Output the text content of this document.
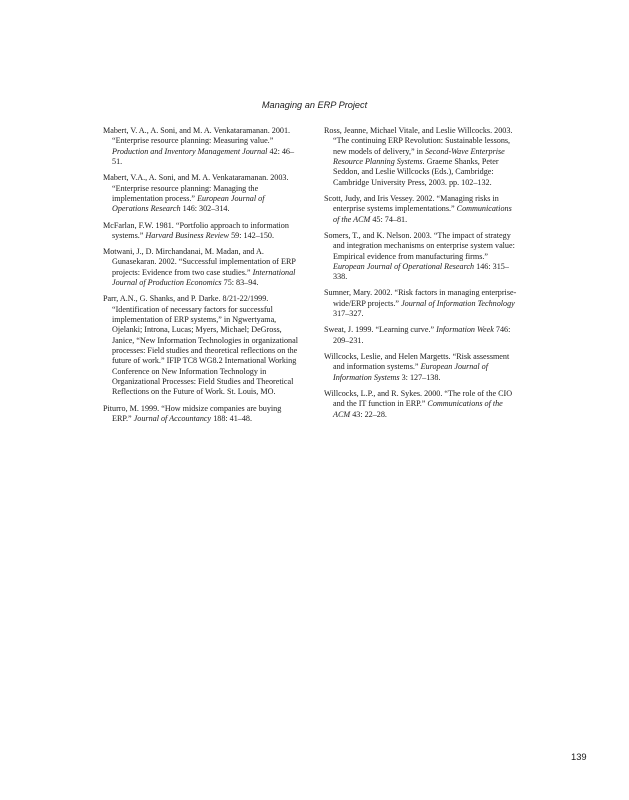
Managing an ERP Project

Mabert, V. A., A. Soni, and M. A. Venkataramanan. 2001. “Enterprise resource planning: Measuring value.” Production and Inventory Management Journal 42: 46–51.

Mabert, V.A., A. Soni, and M. A. Venkataramanan. 2003. “Enterprise resource planning: Managing the implementation process.” European Journal of Operations Research 146: 302–314.

McFarlan, F.W. 1981. “Portfolio approach to information systems.” Harvard Business Review 59: 142–150.

Motwani, J., D. Mirchandanai, M. Madan, and A. Gunasekaran. 2002. “Successful implementation of ERP projects: Evidence from two case studies.” International Journal of Production Economics 75: 83–94.

Parr, A.N., G. Shanks, and P. Darke. 8/21-22/1999. “Identification of necessary factors for successful implementation of ERP systems,” in Ngwertyama, Ojelanki; Introna, Lucas; Myers, Michael; DeGross, Janice, “New Information Technologies in organizational processes: Field studies and theoretical reflections on the future of work.” IFIP TC8 WG8.2 International Working Conference on New Information Technology in Organizational Processes: Field Studies and Theoretical Reflections on the Future of Work. St. Louis, MO.

Piturro, M. 1999. “How midsize companies are buying ERP.” Journal of Accountancy 188: 41–48.

Ross, Jeanne, Michael Vitale, and Leslie Willcocks. 2003. “The continuing ERP Revolution: Sustainable lessons, new models of delivery,” in Second-Wave Enterprise Resource Planning Systems. Graeme Shanks, Peter Seddon, and Leslie Willcocks (Eds.), Cambridge: Cambridge University Press, 2003. pp. 102–132.

Scott, Judy, and Iris Vessey. 2002. “Managing risks in enterprise systems implementations.” Communications of the ACM 45: 74–81.

Somers, T., and K. Nelson. 2003. “The impact of strategy and integration mechanisms on enterprise system value: Empirical evidence from manufacturing firms.” European Journal of Operational Research 146: 315–338.

Sumner, Mary. 2002. “Risk factors in managing enterprise-wide/ERP projects.” Journal of Information Technology 317–327.

Sweat, J. 1999. “Learning curve.” Information Week 746: 209–231.

Willcocks, Leslie, and Helen Margetts. “Risk assessment and information systems.” European Journal of Information Systems 3: 127–138.

Willcocks, L.P., and R. Sykes. 2000. “The role of the CIO and the IT function in ERP.” Communications of the ACM 43: 22–28.

139
